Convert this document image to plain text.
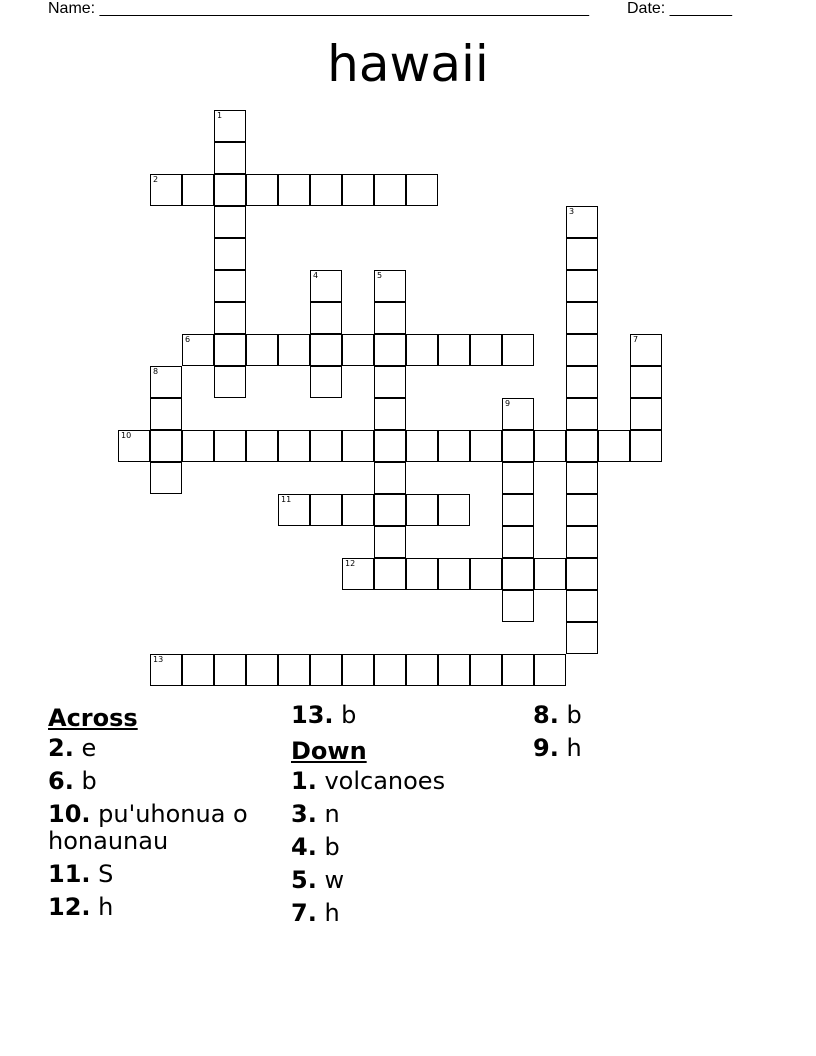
Name: _______________________________________________________ Date: _______
hawaii
1
2
3
4	5
6	7
8
9
10
11
12
13
Across
2. e
6. b
10. pu'uhonua o honaunau
11. S
12. h
13. b
Down
1. volcanoes
3. n
4. b
5. w
7. h
8. b
9. h
